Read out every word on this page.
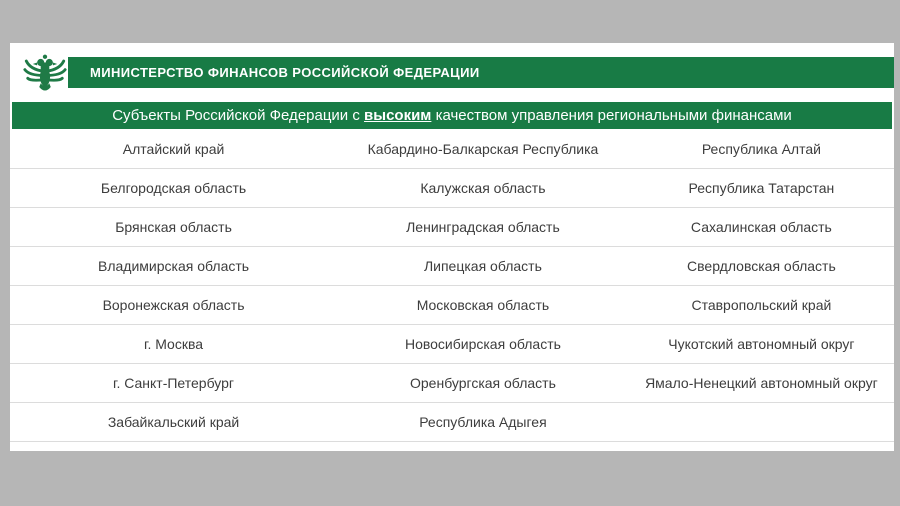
МИНИСТЕРСТВО ФИНАНСОВ РОССИЙСКОЙ ФЕДЕРАЦИИ
Субъекты Российской Федерации с высоким качеством управления региональными финансами
Алтайский край	Кабардино-Балкарская Республика	Республика Алтай
Белгородская область	Калужская область	Республика Татарстан
Брянская область	Ленинградская область	Сахалинская область
Владимирская область	Липецкая область	Свердловская область
Воронежская область	Московская область	Ставропольский край
г. Москва	Новосибирская область	Чукотский автономный округ
г. Санкт-Петербург	Оренбургская область	Ямало-Ненецкий автономный округ
Забайкальский край	Республика Адыгея
